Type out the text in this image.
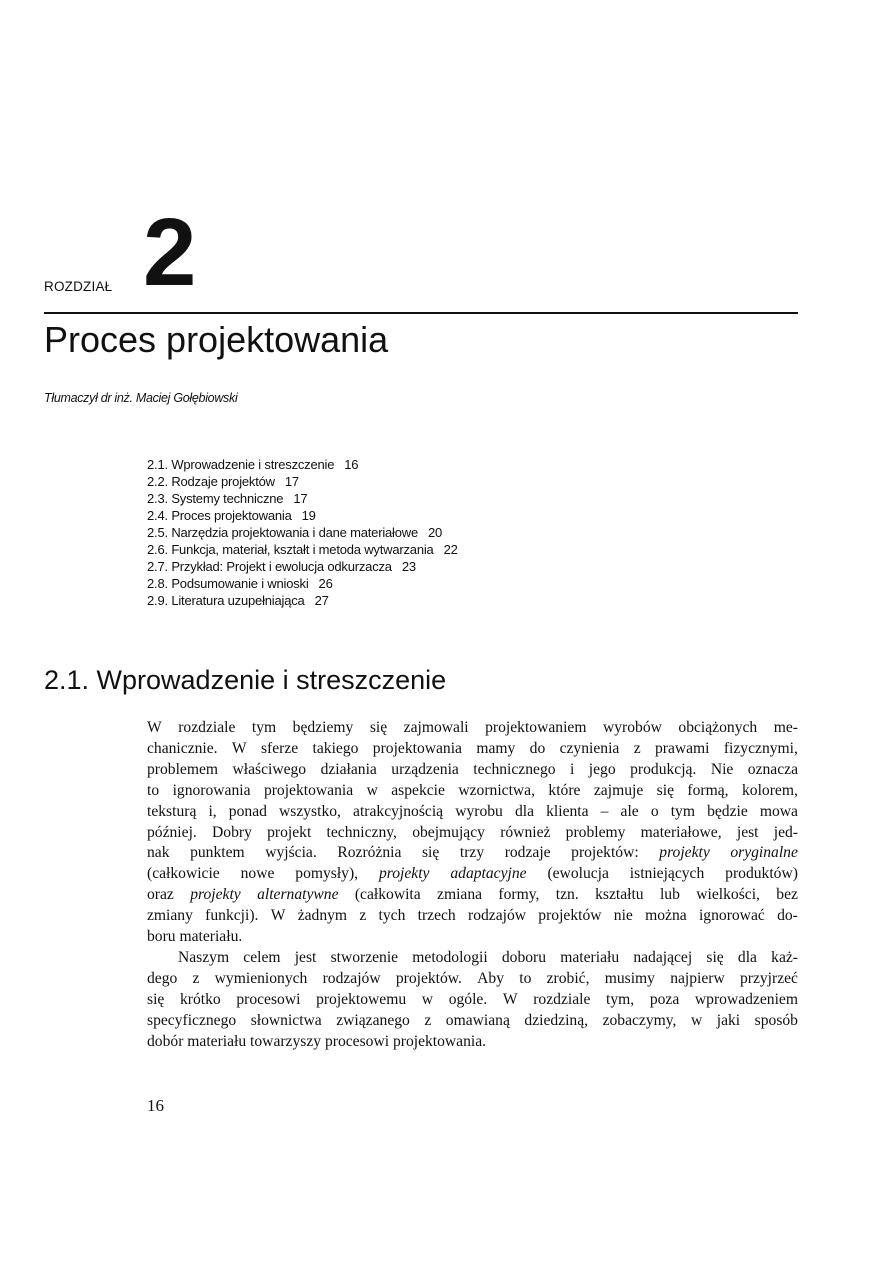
ROZDZIAŁ 2
Proces projektowania
Tłumaczył dr inż. Maciej Gołębiowski
2.1. Wprowadzenie i streszczenie 16
2.2. Rodzaje projektów 17
2.3. Systemy techniczne 17
2.4. Proces projektowania 19
2.5. Narzędzia projektowania i dane materiałowe 20
2.6. Funkcja, materiał, kształt i metoda wytwarzania 22
2.7. Przykład: Projekt i ewolucja odkurzacza 23
2.8. Podsumowanie i wnioski 26
2.9. Literatura uzupełniająca 27
2.1. Wprowadzenie i streszczenie
W rozdziale tym będziemy się zajmowali projektowaniem wyrobów obciążonych me-
chanicznie. W sferze takiego projektowania mamy do czynienia z prawami fizycznymi,
problemem właściwego działania urządzenia technicznego i jego produkcją. Nie oznacza
to ignorowania projektowania w aspekcie wzornictwa, które zajmuje się formą, kolorem,
teksturą i, ponad wszystko, atrakcyjnością wyrobu dla klienta – ale o tym będzie mowa
później. Dobry projekt techniczny, obejmujący również problemy materiałowe, jest jed-
nak punktem wyjścia. Rozróżnia się trzy rodzaje projektów: projekty oryginalne
(całkowicie nowe pomysły), projekty adaptacyjne (ewolucja istniejących produktów)
oraz projekty alternatywne (całkowita zmiana formy, tzn. kształtu lub wielkości, bez
zmiany funkcji). W żadnym z tych trzech rodzajów projektów nie można ignorować do-
boru materiału.
Naszym celem jest stworzenie metodologii doboru materiału nadającej się dla każ-
dego z wymienionych rodzajów projektów. Aby to zrobić, musimy najpierw przyjrzeć
się krótko procesowi projektowemu w ogóle. W rozdziale tym, poza wprowadzeniem
specyficznego słownictwa związanego z omawianą dziedziną, zobaczymy, w jaki sposób
dobór materiału towarzyszy procesowi projektowania.
16
